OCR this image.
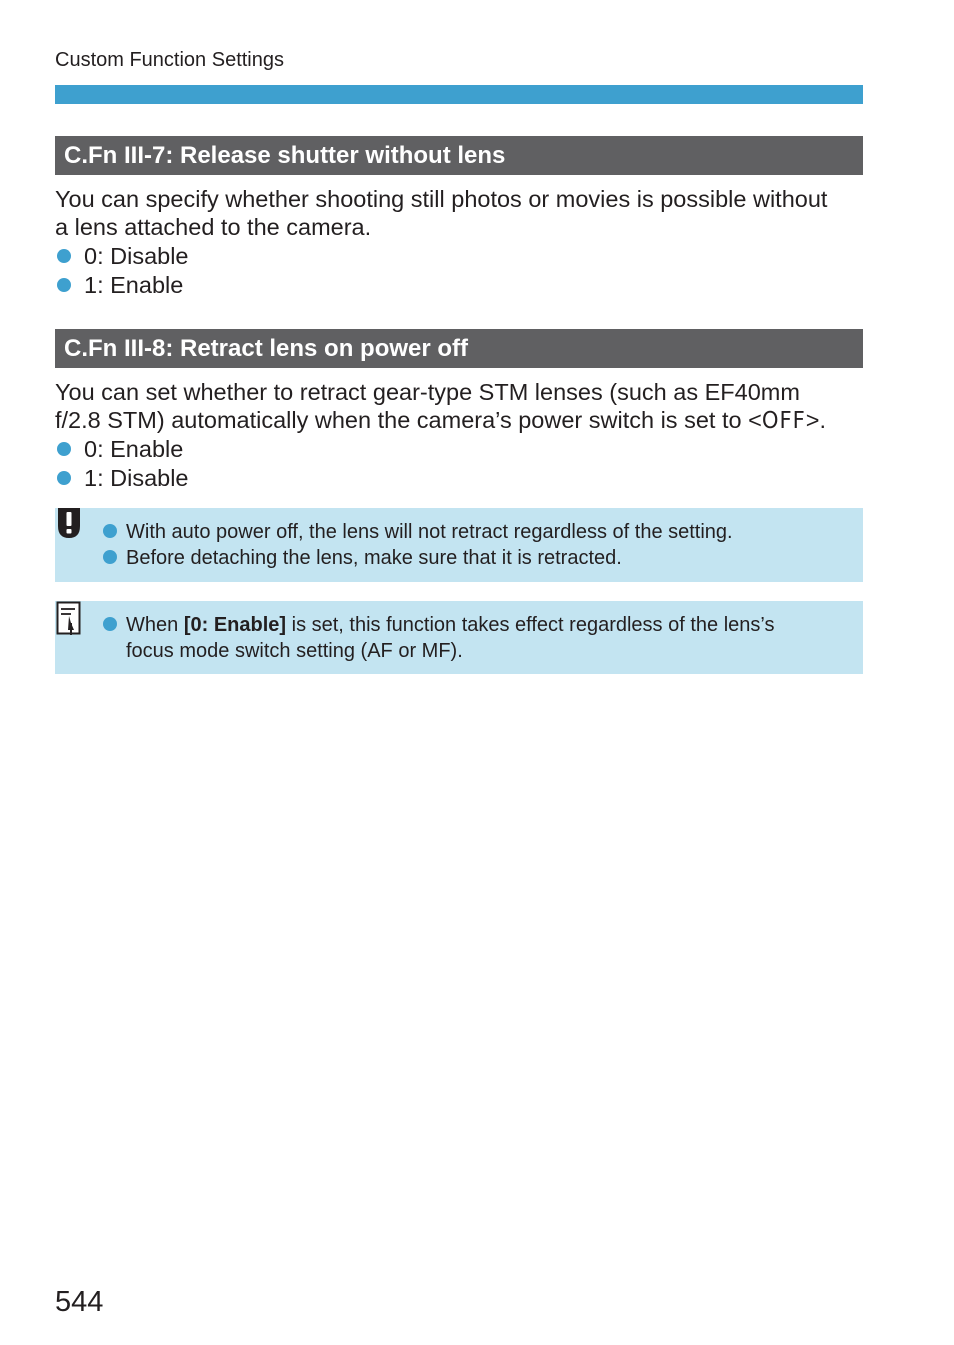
Custom Function Settings
C.Fn III-7: Release shutter without lens
You can specify whether shooting still photos or movies is possible without
a lens attached to the camera.
0: Disable
1: Enable
C.Fn III-8: Retract lens on power off
You can set whether to retract gear-type STM lenses (such as EF40mm
f/2.8 STM) automatically when the camera’s power switch is set to <OFF>.
0: Enable
1: Disable
With auto power off, the lens will not retract regardless of the setting.
Before detaching the lens, make sure that it is retracted.
When [0: Enable] is set, this function takes effect regardless of the lens’s
focus mode switch setting (AF or MF).
544
